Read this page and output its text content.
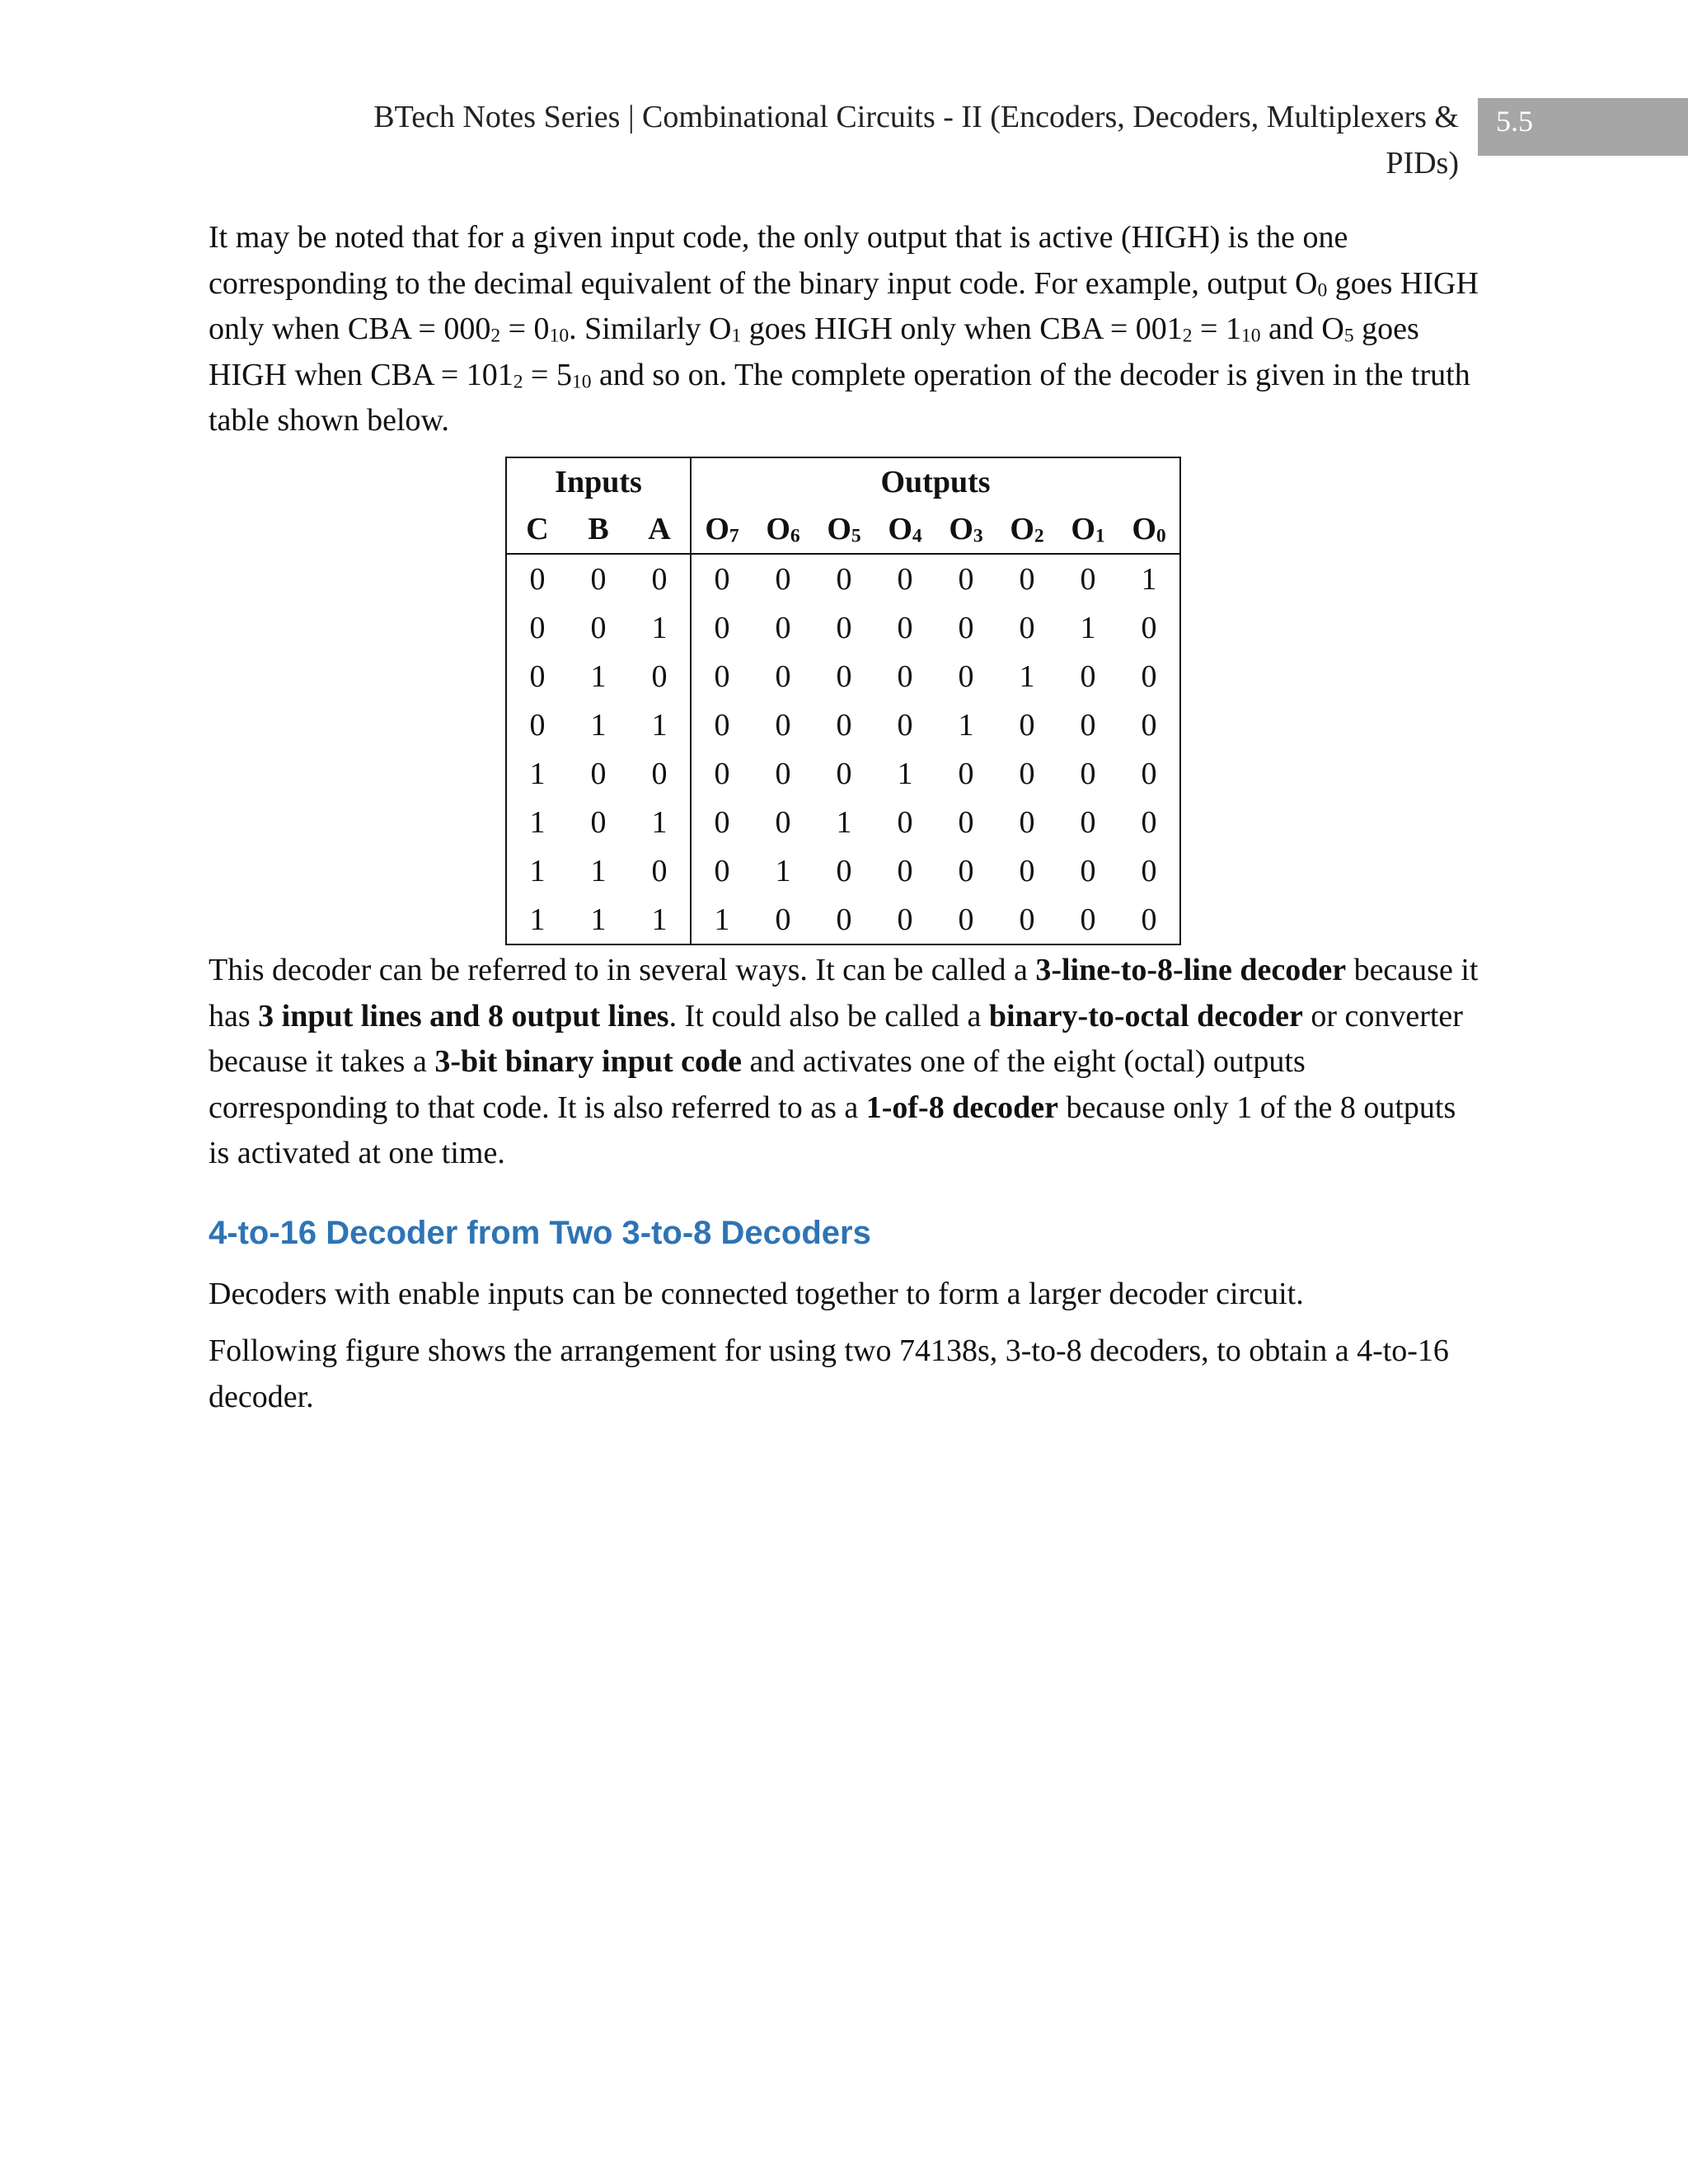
BTech Notes Series | Combinational Circuits - II (Encoders, Decoders, Multiplexers &
PIDs)
5.5

It may be noted that for a given input code, the only output that is active (HIGH) is the one corresponding to the decimal equivalent of the binary input code. For example, output $O_0$ goes HIGH only when CBA = $000_2 = 0_{10}$. Similarly $O_1$ goes HIGH only when CBA = $001_2 = 1_{10}$ and $O_5$ goes HIGH when CBA = $101_2 = 5_{10}$ and so on. The complete operation of the decoder is given in the truth table shown below.

Inputs			Outputs							
C	B	A	$O_7$	$O_6$	$O_5$	$O_4$	$O_3$	$O_2$	$O_1$	$O_0$
0	0	0	0	0	0	0	0	0	0	1
0	0	1	0	0	0	0	0	0	1	0
0	1	0	0	0	0	0	0	1	0	0
0	1	1	0	0	0	0	1	0	0	0
1	0	0	0	0	0	1	0	0	0	0
1	0	1	0	0	1	0	0	0	0	0
1	1	0	0	1	0	0	0	0	0	0
1	1	1	1	0	0	0	0	0	0	0

This decoder can be referred to in several ways. It can be called a 3-line-to-8-line decoder because it has 3 input lines and 8 output lines. It could also be called a binary-to-octal decoder or converter because it takes a 3-bit binary input code and activates one of the eight (octal) outputs corresponding to that code. It is also referred to as a 1-of-8 decoder because only 1 of the 8 outputs is activated at one time.

4-to-16 Decoder from Two 3-to-8 Decoders

Decoders with enable inputs can be connected together to form a larger decoder circuit.

Following figure shows the arrangement for using two 74138s, 3-to-8 decoders, to obtain a 4-to-16 decoder.
